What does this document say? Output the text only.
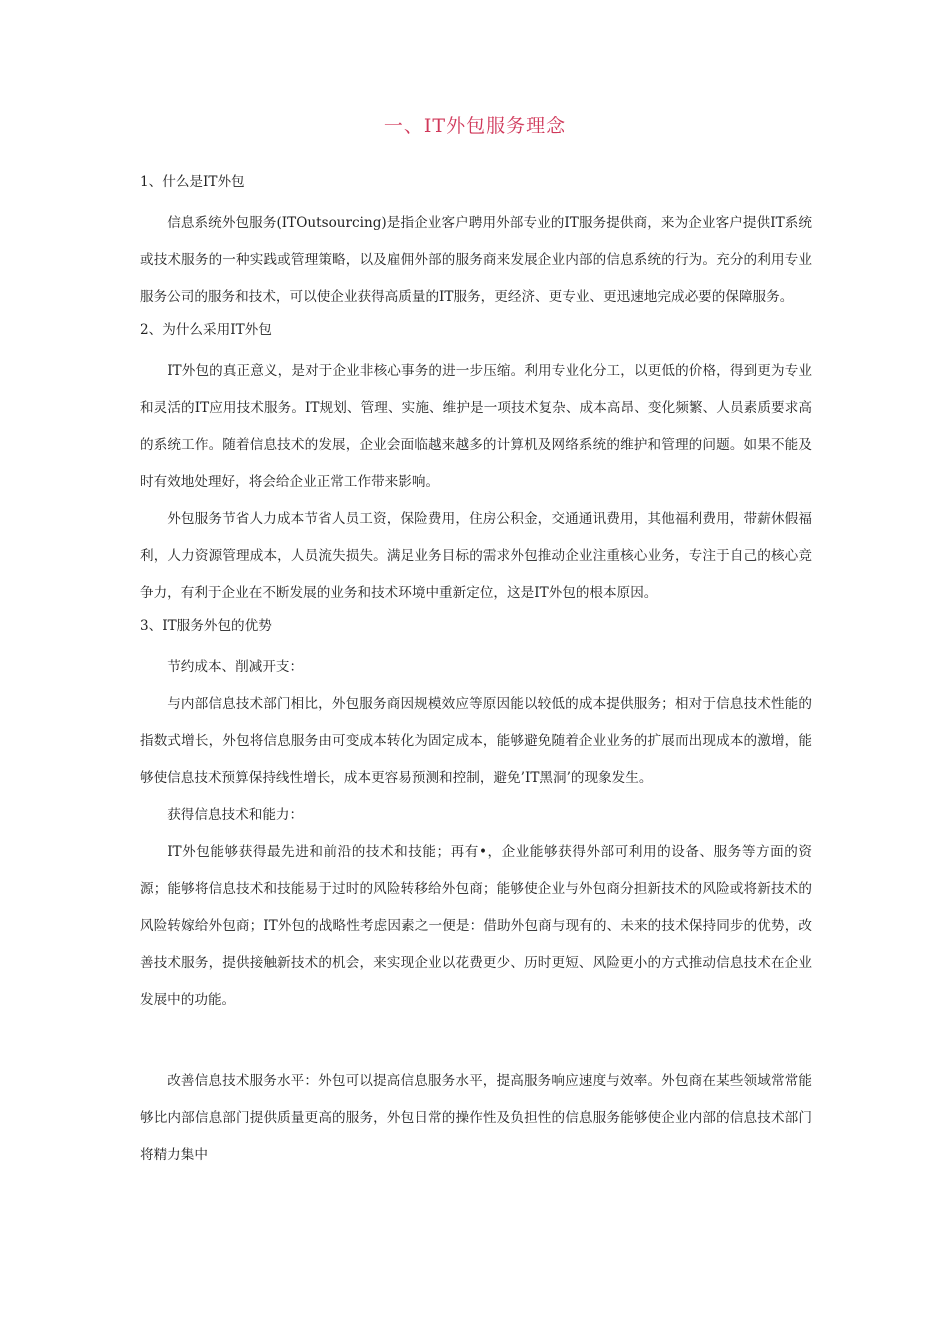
一、IT外包服务理念

1、什么是IT外包

信息系统外包服务(ITOutsourcing)是指企业客户聘用外部专业的IT服务提供商，来为企业客户提供IT系统或技术服务的一种实践或管理策略，以及雇佣外部的服务商来发展企业内部的信息系统的行为。充分的利用专业服务公司的服务和技术，可以使企业获得高质量的IT服务，更经济、更专业、更迅速地完成必要的保障服务。

2、为什么采用IT外包

IT外包的真正意义，是对于企业非核心事务的进一步压缩。利用专业化分工，以更低的价格，得到更为专业和灵活的IT应用技术服务。IT规划、管理、实施、维护是一项技术复杂、成本高昂、变化频繁、人员素质要求高的系统工作。随着信息技术的发展，企业会面临越来越多的计算机及网络系统的维护和管理的问题。如果不能及时有效地处理好，将会给企业正常工作带来影响。

外包服务节省人力成本节省人员工资，保险费用，住房公积金，交通通讯费用，其他福利费用，带薪休假福利，人力资源管理成本，人员流失损失。满足业务目标的需求外包推动企业注重核心业务，专注于自己的核心竞争力，有利于企业在不断发展的业务和技术环境中重新定位，这是IT外包的根本原因。

3、IT服务外包的优势

节约成本、削减开支：

与内部信息技术部门相比，外包服务商因规模效应等原因能以较低的成本提供服务；相对于信息技术性能的指数式增长，外包将信息服务由可变成本转化为固定成本，能够避免随着企业业务的扩展而出现成本的激增，能够使信息技术预算保持线性增长，成本更容易预测和控制，避免’IT黑洞’的现象发生。

获得信息技术和能力：

IT外包能够获得最先进和前沿的技术和技能；再有•，企业能够获得外部可利用的设备、服务等方面的资源；能够将信息技术和技能易于过时的风险转移给外包商；能够使企业与外包商分担新技术的风险或将新技术的风险转嫁给外包商；IT外包的战略性考虑因素之一便是：借助外包商与现有的、未来的技术保持同步的优势，改善技术服务，提供接触新技术的机会，来实现企业以花费更少、历时更短、风险更小的方式推动信息技术在企业发展中的功能。

改善信息技术服务水平：外包可以提高信息服务水平，提高服务响应速度与效率。外包商在某些领域常常能够比内部信息部门提供质量更高的服务，外包日常的操作性及负担性的信息服务能够使企业内部的信息技术部门将精力集中
